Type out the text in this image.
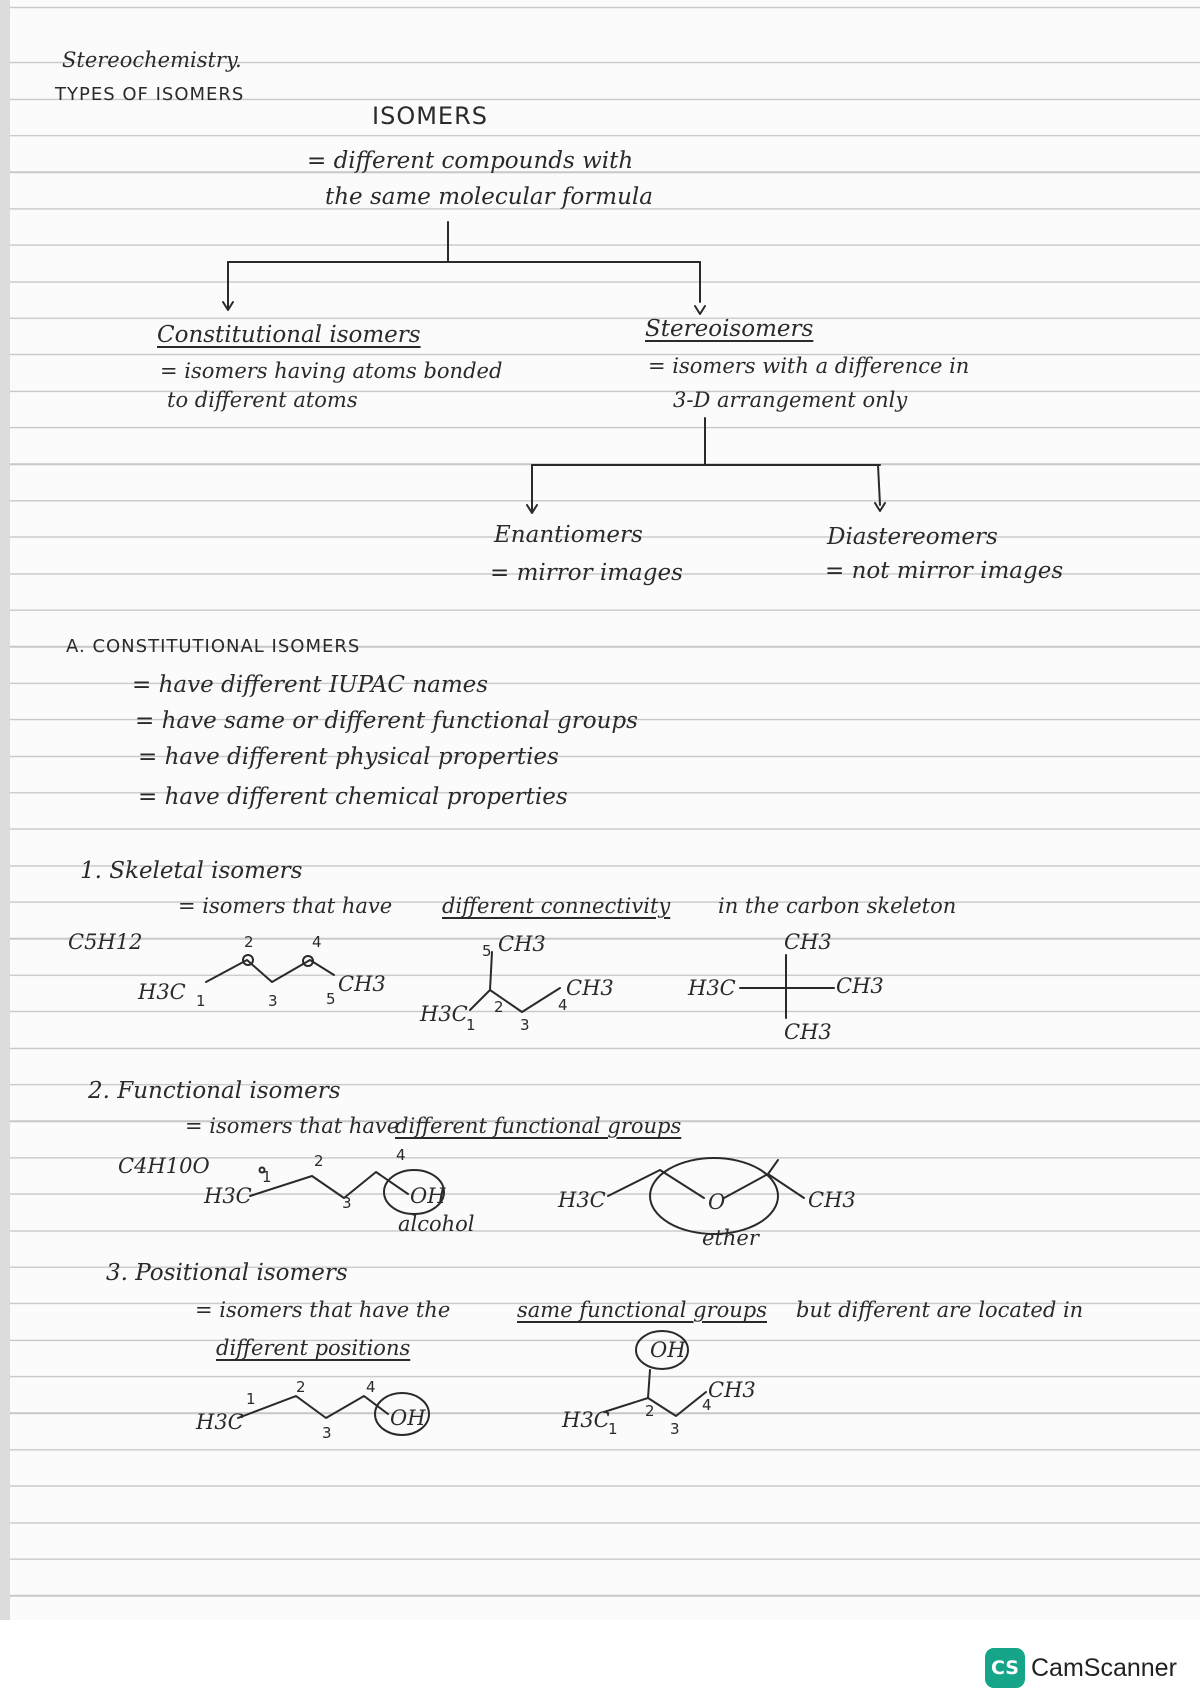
Stereochemistry.
TYPES OF ISOMERS
ISOMERS
= different compounds with
the same molecular formula
Constitutional isomers
= isomers having atoms bonded
to different atoms
Stereoisomers
= isomers with a difference in
3-D arrangement only
Enantiomers
= mirror images
Diastereomers
= not mirror images
A. CONSTITUTIONAL ISOMERS
= have different IUPAC names
= have same or different functional groups
= have different physical properties
= have different chemical properties
1. Skeletal isomers
= isomers that have different connectivity in the carbon skeleton
C5H12
H3C	CH3
1
2
3
4
5
H3C
CH3
CH3
1
2
3
4
5
H3C
CH3
CH3
CH3
2. Functional isomers
= isomers that have
different functional groups
C4H10O
H3C	OH
alcohol
1
2
3
4
H3C	O	CH3
ether
3. Positional isomers
= isomers that have the	same functional groups but different are located in
different positions
H3C	OH
1
2
3
4
OH
CH3
H3C
1
2
3
4
CS CamScanner
